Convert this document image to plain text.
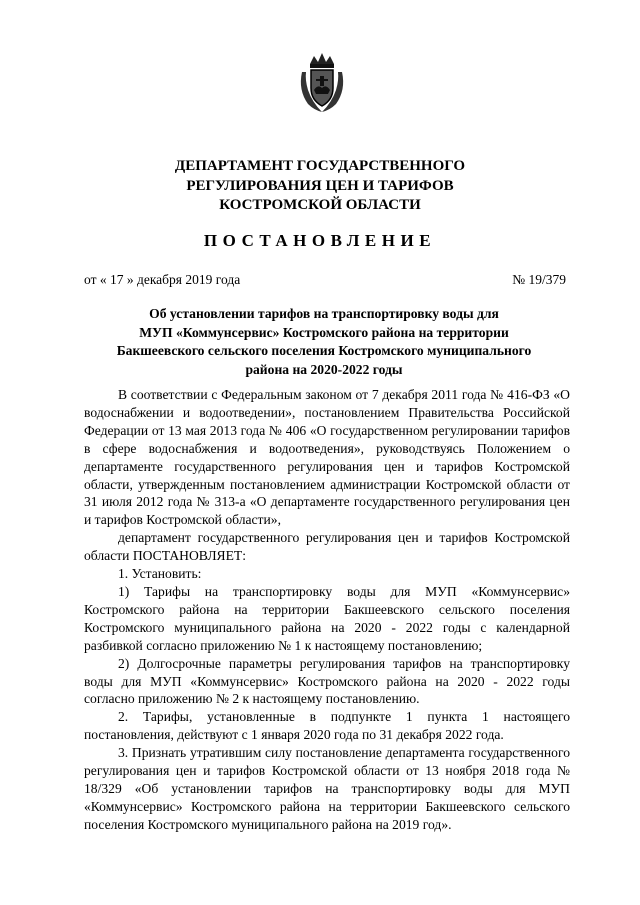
ДЕПАРТАМЕНТ ГОСУДАРСТВЕННОГО
РЕГУЛИРОВАНИЯ ЦЕН И ТАРИФОВ
КОСТРОМСКОЙ ОБЛАСТИ
ПОСТАНОВЛЕНИЕ
от « 17 » декабря 2019 года	№ 19/379
Об установлении тарифов на транспортировку воды для
МУП «Коммунсервис» Костромского района на территории
Бакшеевского сельского поселения Костромского муниципального
района на 2020-2022 годы

В соответствии с Федеральным законом от 7 декабря 2011 года № 416-ФЗ «О водоснабжении и водоотведении», постановлением Правительства Российской Федерации от 13 мая 2013 года № 406 «О государственном регулировании тарифов в сфере водоснабжения и водоотведения», руководствуясь Положением о департаменте государственного регулирования цен и тарифов Костромской области, утвержденным постановлением администрации Костромской области от 31 июля 2012 года № 313-а «О департаменте государственного регулирования цен и тарифов Костромской области»,

департамент государственного регулирования цен и тарифов Костромской области ПОСТАНОВЛЯЕТ:

1. Установить:

1) Тарифы на транспортировку воды для МУП «Коммунсервис» Костромского района на территории Бакшеевского сельского поселения Костромского муниципального района на 2020 - 2022 годы с календарной разбивкой согласно приложению № 1 к настоящему постановлению;

2) Долгосрочные параметры регулирования тарифов на транспортировку воды для МУП «Коммунсервис» Костромского района на 2020 - 2022 годы согласно приложению № 2 к настоящему постановлению.

2. Тарифы, установленные в подпункте 1 пункта 1 настоящего постановления, действуют с 1 января 2020 года по 31 декабря 2022 года.

3. Признать утратившим силу постановление департамента государственного регулирования цен и тарифов Костромской области от 13 ноября 2018 года № 18/329 «Об установлении тарифов на транспортировку воды для МУП «Коммунсервис» Костромского района на территории Бакшеевского сельского поселения Костромского муниципального района на 2019 год».
